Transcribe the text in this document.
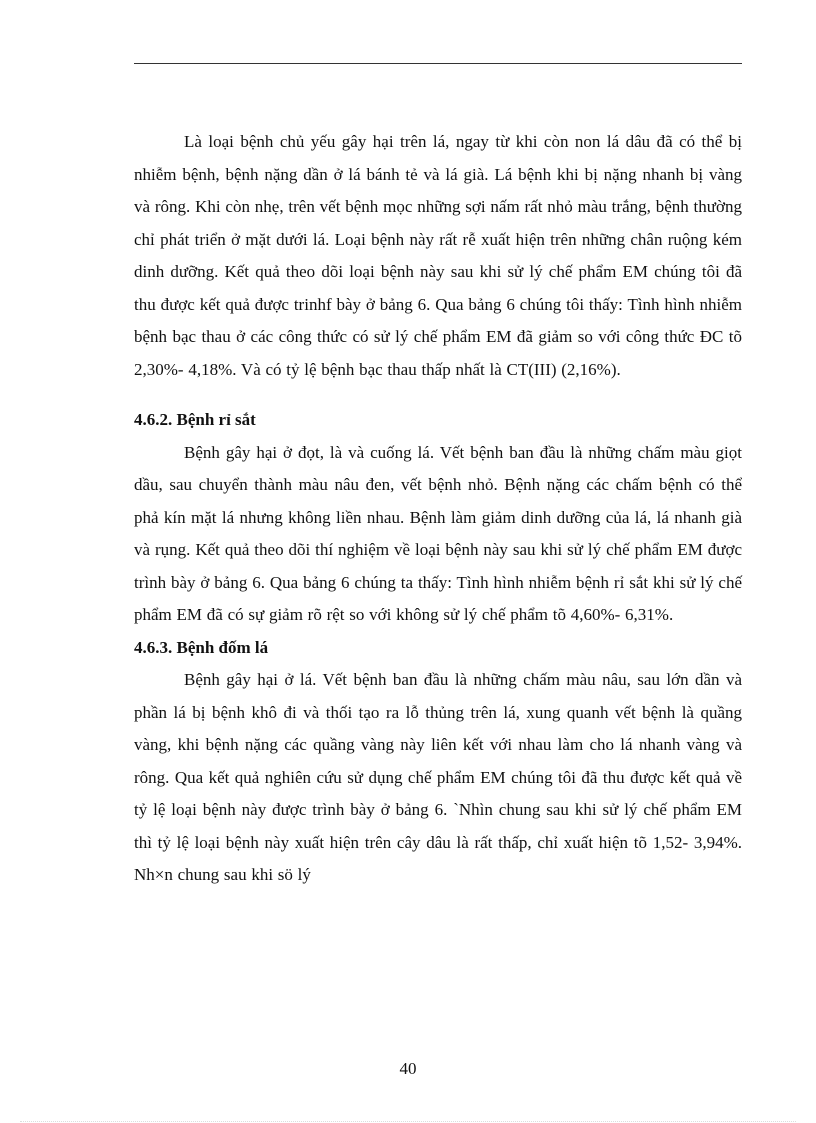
Là loại bệnh chủ yếu gây hại trên lá, ngay từ khi còn non lá dâu đã có thể bị nhiễm bệnh, bệnh nặng dần ở lá bánh tẻ và lá già. Lá bệnh khi bị nặng nhanh bị vàng và rông. Khi còn nhẹ, trên vết bệnh mọc những sợi nấm rất nhỏ màu trắng, bệnh thường chỉ phát triển ở mặt dưới lá. Loại bệnh này rất rễ xuất hiện trên những chân ruộng kém dinh dưỡng. Kết quả theo dõi loại bệnh này sau khi sử lý chế phẩm EM chúng tôi đã thu được kết quả được trinhf bày ở bảng 6. Qua bảng 6 chúng tôi thấy: Tình hình nhiễm bệnh bạc thau ở các công thức có sử lý chế phẩm EM đã giảm so với công thức ĐC tõ 2,30%- 4,18%. Và có tỷ lệ bệnh bạc thau thấp nhất là CT(III) (2,16%).

4.6.2. Bệnh rỉ sắt

Bệnh gây hại ở đọt, là và cuống lá. Vết bệnh ban đầu là những chấm màu giọt dầu, sau chuyển thành màu nâu đen, vết bệnh nhỏ. Bệnh nặng các chấm bệnh có thể phả kín mặt lá nhưng không liền nhau. Bệnh làm giảm dinh dưỡng của lá, lá nhanh già và rụng. Kết quả theo dõi thí nghiệm về loại bệnh này sau khi sử lý chế phẩm EM được trình bày ở bảng 6. Qua bảng 6 chúng ta thấy: Tình hình nhiễm bệnh rỉ sắt khi sử lý chế phẩm EM đã có sự giảm rõ rệt so với không sử lý chế phẩm tõ 4,60%- 6,31%.

4.6.3. Bệnh đốm lá

Bệnh gây hại ở lá. Vết bệnh ban đầu là những chấm màu nâu, sau lớn dần và phần lá bị bệnh khô đi và thối tạo ra lỗ thủng trên lá, xung quanh vết bệnh là quầng vàng, khi bệnh nặng các quầng vàng này liên kết với nhau làm cho lá nhanh vàng và rông. Qua kết quả nghiên cứu sử dụng chế phẩm EM chúng tôi đã thu được kết quả về tỷ lệ loại bệnh này được trình bày ở bảng 6. `Nhìn chung sau khi sử lý chế phẩm EM thì tỷ lệ loại bệnh này xuất hiện trên cây dâu là rất thấp, chỉ xuất hiện tõ 1,52- 3,94%. Nh×n chung sau khi sö lý

40
